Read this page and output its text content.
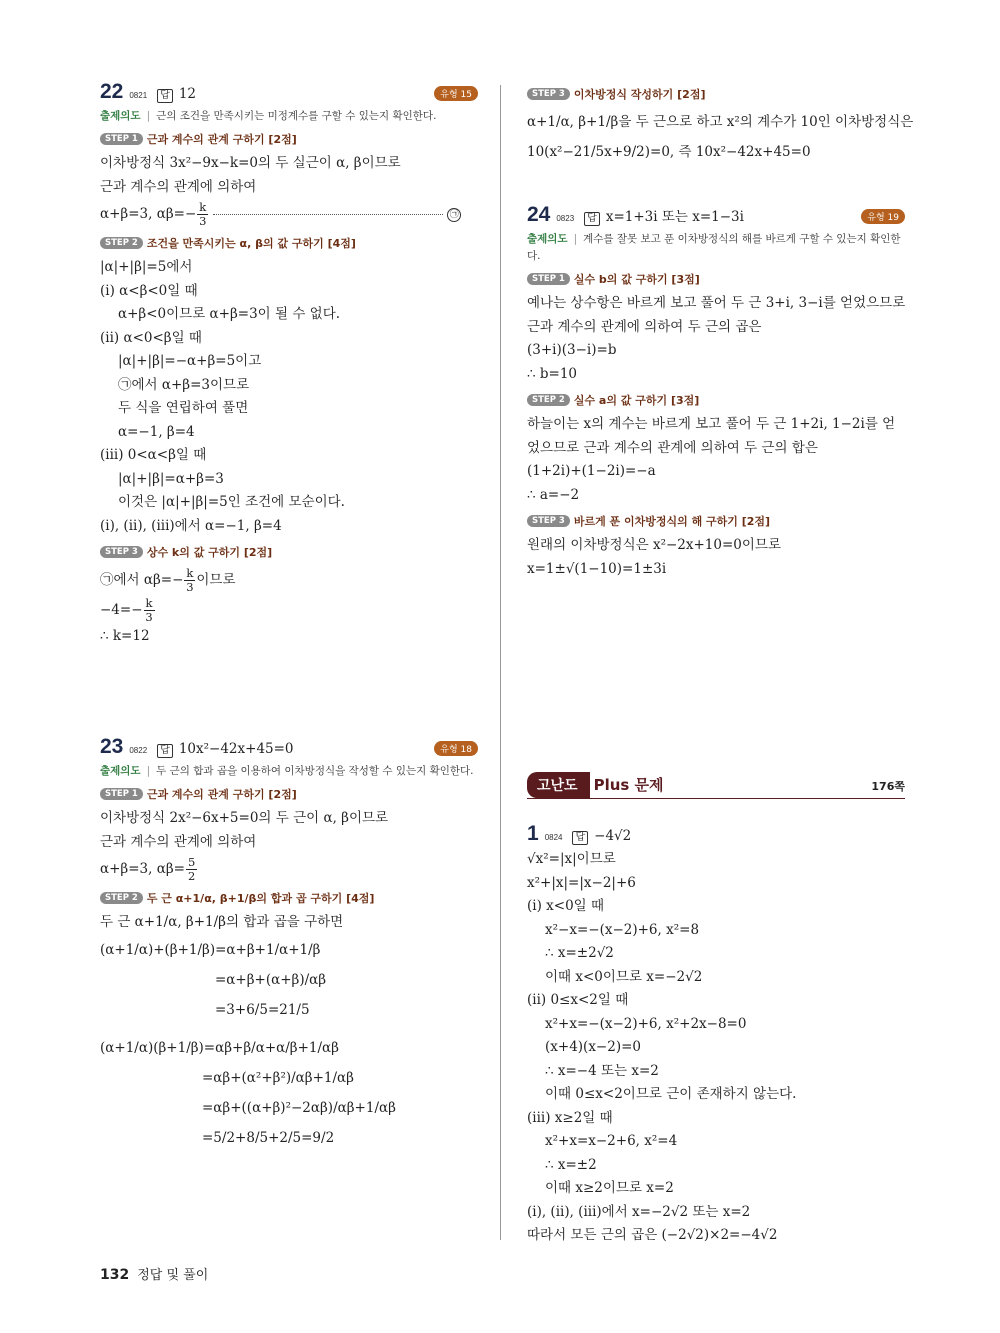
22 0821	답 12	유형 15
출제의도 | 근의 조건을 만족시키는 미정계수를 구할 수 있는지 확인한다.
STEP 1 근과 계수의 관계 구하기 [2점]
이차방정식 3x²−9x−k=0의 두 실근이 α, β이므로
근과 계수의 관계에 의하여
α+β=3, $\alpha\beta=- \frac{k}{3}$	㉠
STEP 2 조건을 만족시키는 α, β의 값 구하기 [4점]
|α|+|β|=5에서
(i) α<β<0일 때
α+β<0이므로 α+β=3이 될 수 없다.
(ii) α<0<β일 때
|α|+|β|=−α+β=5이고
㉠에서 α+β=3이므로
두 식을 연립하여 풀면
α=−1, β=4
(iii) 0<α<β일 때
|α|+|β|=α+β=3
이것은 |α|+|β|=5인 조건에 모순이다.
(i), (ii), (iii)에서 α=−1, β=4
STEP 3 상수 k의 값 구하기 [2점]
㉠에서 $\alpha\beta=- \frac{k}{3}$ 이므로
$-4=- \frac{k}{3}$
∴ k=12
23 0822	답 10x²−42x+45=0	유형 18
출제의도 | 두 근의 합과 곱을 이용하여 이차방정식을 작성할 수 있는지 확인한다.
STEP 1 근과 계수의 관계 구하기 [2점]
이차방정식 2x²−6x+5=0의 두 근이 α, β이므로
근과 계수의 관계에 의하여
α+β=3, $\alpha\beta= \frac{5}{2}$
STEP 2 두 근 α+1/α, β+1/β의 합과 곱 구하기 [4점]
두 근 α+1/α, β+1/β의 합과 곱을 구하면
(α+1/α)+(β+1/β)=α+β+1/α+1/β
=α+β+(α+β)/αβ
=3+6/5=21/5
(α+1/α)(β+1/β)=αβ+β/α+α/β+1/αβ
=αβ+(α²+β²)/αβ+1/αβ
=αβ+((α+β)²−2αβ)/αβ+1/αβ
=5/2+8/5+2/5=9/2
STEP 3 이차방정식 작성하기 [2점]
α+1/α, β+1/β을 두 근으로 하고 x²의 계수가 10인 이차방정식은
10(x²−21/5x+9/2)=0, 즉 10x²−42x+45=0
24 0823	답 x=1+3i 또는 x=1−3i	유형 19
출제의도 | 계수를 잘못 보고 푼 이차방정식의 해를 바르게 구할 수 있는지 확인한다.
STEP 1 실수 b의 값 구하기 [3점]
예나는 상수항은 바르게 보고 풀어 두 근 3+i, 3−i를 얻었으므로
근과 계수의 관계에 의하여 두 근의 곱은
(3+i)(3−i)=b
∴ b=10
STEP 2 실수 a의 값 구하기 [3점]
하늘이는 x의 계수는 바르게 보고 풀어 두 근 1+2i, 1−2i를 얻
었으므로 근과 계수의 관계에 의하여 두 근의 합은
(1+2i)+(1−2i)=−a
∴ a=−2
STEP 3 바르게 푼 이차방정식의 해 구하기 [2점]
원래의 이차방정식은 x²−2x+10=0이므로
x=1±√(1−10)=1±3i
고난도 Plus 문제	176쪽
1 0824	답 −4√2
√x²=|x|이므로
x²+|x|=|x−2|+6
(i) x<0일 때
x²−x=−(x−2)+6, x²=8
∴ x=±2√2
이때 x<0이므로 x=−2√2
(ii) 0≤x<2일 때
x²+x=−(x−2)+6, x²+2x−8=0
(x+4)(x−2)=0
∴ x=−4 또는 x=2
이때 0≤x<2이므로 근이 존재하지 않는다.
(iii) x≥2일 때
x²+x=x−2+6, x²=4
∴ x=±2
이때 x≥2이므로 x=2
(i), (ii), (iii)에서 x=−2√2 또는 x=2
따라서 모든 근의 곱은 (−2√2)×2=−4√2
132 정답 및 풀이
